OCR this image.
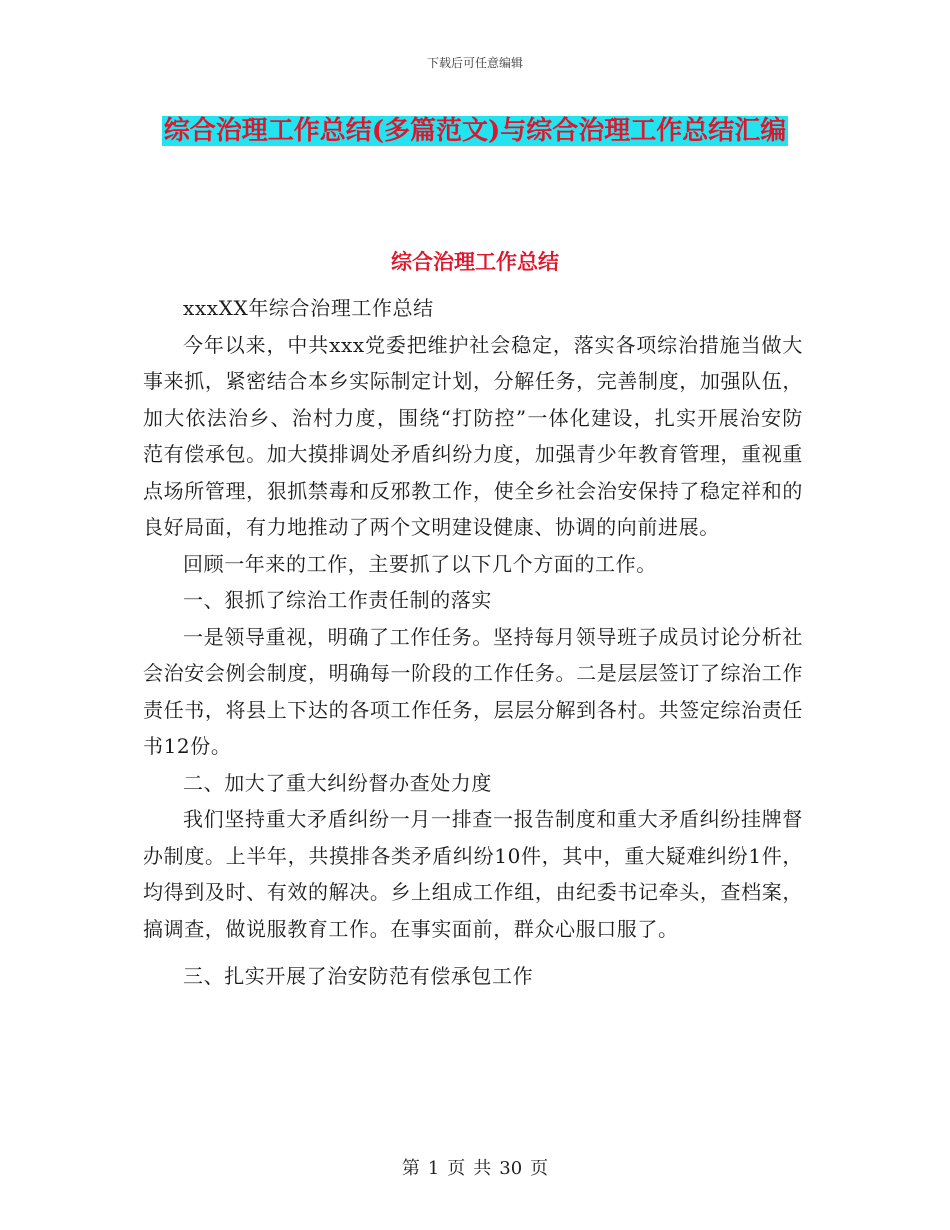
下载后可任意编辑
综合治理工作总结(多篇范文)与综合治理工作总结汇编
综合治理工作总结

xxxXX年综合治理工作总结

今年以来，中共xxx党委把维护社会稳定，落实各项综治措施当做大事来抓，紧密结合本乡实际制定计划，分解任务，完善制度，加强队伍，加大依法治乡、治村力度，围绕“打防控”一体化建设，扎实开展治安防范有偿承包。加大摸排调处矛盾纠纷力度，加强青少年教育管理，重视重点场所管理，狠抓禁毒和反邪教工作，使全乡社会治安保持了稳定祥和的良好局面，有力地推动了两个文明建设健康、协调的向前进展。

回顾一年来的工作，主要抓了以下几个方面的工作。

一、狠抓了综治工作责任制的落实

一是领导重视，明确了工作任务。坚持每月领导班子成员讨论分析社会治安会例会制度，明确每一阶段的工作任务。二是层层签订了综治工作责任书，将县上下达的各项工作任务，层层分解到各村。共签定综治责任书12份。

二、加大了重大纠纷督办查处力度

我们坚持重大矛盾纠纷一月一排查一报告制度和重大矛盾纠纷挂牌督办制度。上半年，共摸排各类矛盾纠纷10件，其中，重大疑难纠纷1件，均得到及时、有效的解决。乡上组成工作组，由纪委书记牵头，查档案，搞调查，做说服教育工作。在事实面前，群众心服口服了。

三、扎实开展了治安防范有偿承包工作

第 1 页 共 30 页
